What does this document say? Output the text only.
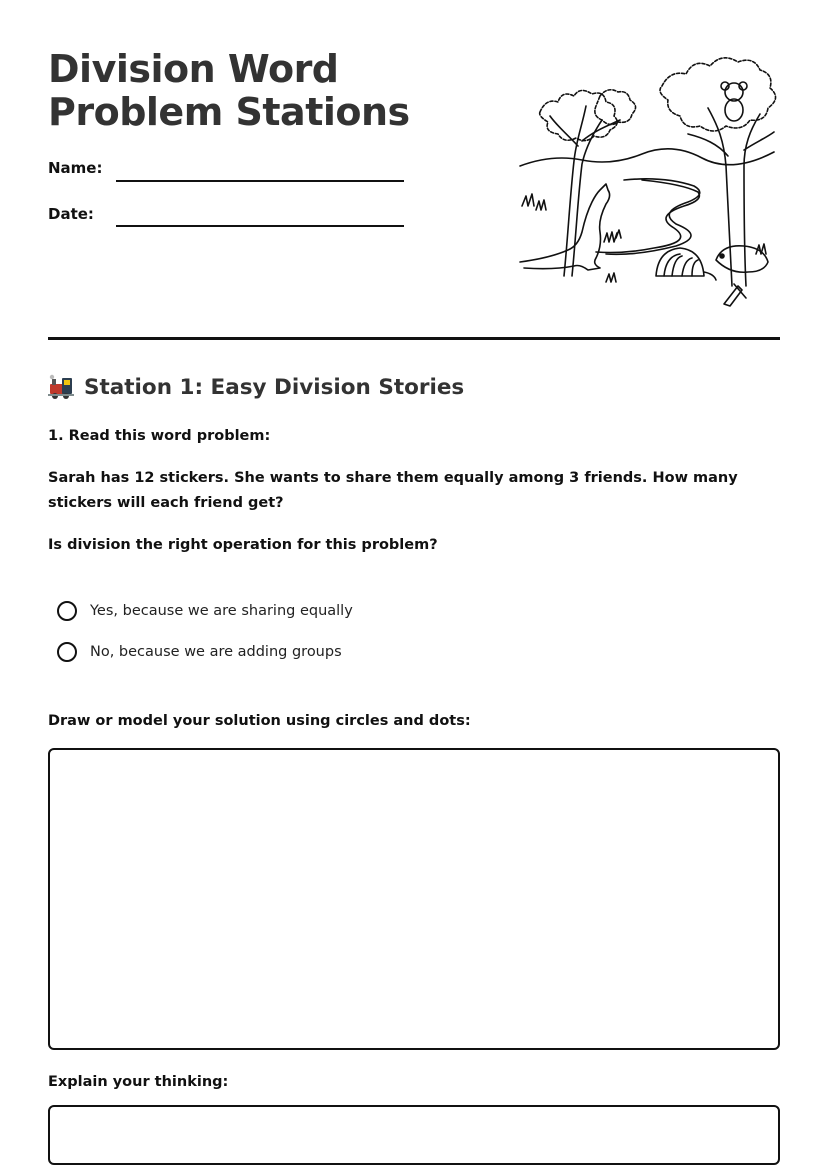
Division Word Problem Stations
Name:
Date:
Station 1: Easy Division Stories
1. Read this word problem:
Sarah has 12 stickers. She wants to share them equally among 3 friends. How many stickers will each friend get?
Is division the right operation for this problem?
Yes, because we are sharing equally
No, because we are adding groups
Draw or model your solution using circles and dots:
Explain your thinking:
